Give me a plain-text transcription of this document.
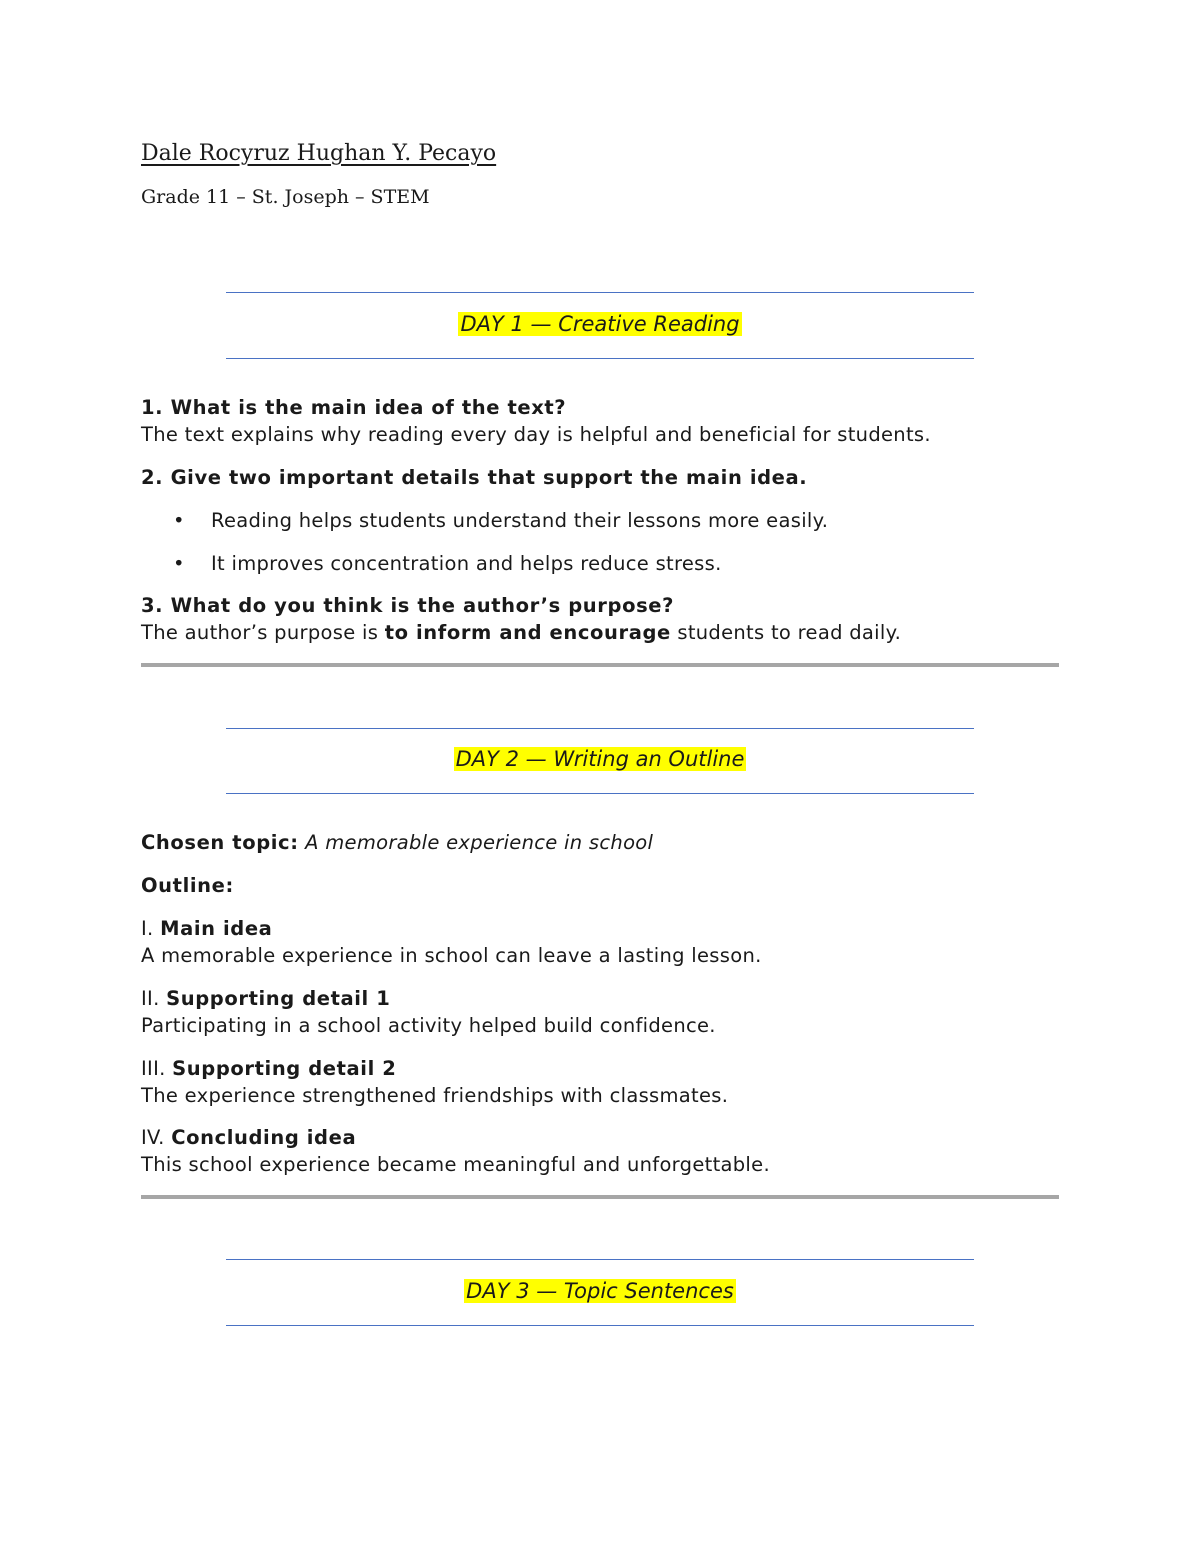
Dale Rocyruz Hughan Y. Pecayo

Grade 11 – St. Joseph – STEM

DAY 1 — Creative Reading

1. What is the main idea of the text?

The text explains why reading every day is helpful and beneficial for students.

2. Give two important details that support the main idea.

• Reading helps students understand their lessons more easily.

• It improves concentration and helps reduce stress.

3. What do you think is the author’s purpose?

The author’s purpose is to inform and encourage students to read daily.

DAY 2 — Writing an Outline

Chosen topic: A memorable experience in school

Outline:

I. Main idea

A memorable experience in school can leave a lasting lesson.

II. Supporting detail 1

Participating in a school activity helped build confidence.

III. Supporting detail 2

The experience strengthened friendships with classmates.

IV. Concluding idea

This school experience became meaningful and unforgettable.

DAY 3 — Topic Sentences
